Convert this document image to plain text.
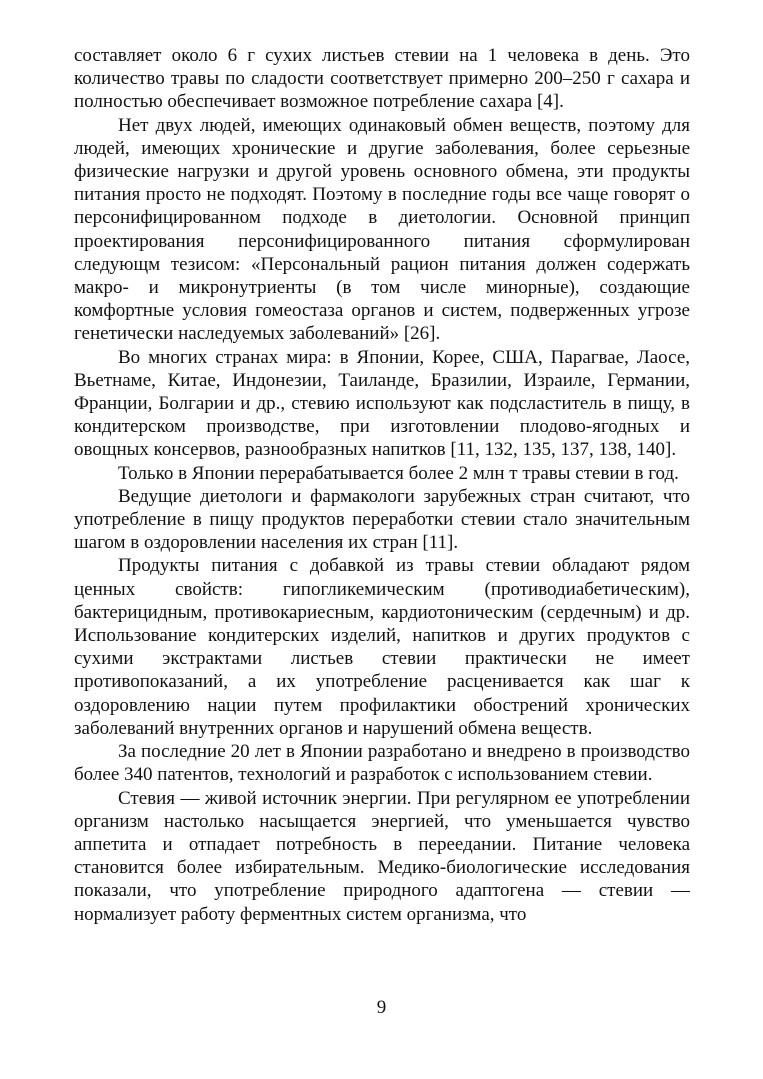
составляет около 6 г сухих листьев стевии на 1 человека в день. Это количество травы по сладости соответствует примерно 200–250 г сахара и полностью обеспечивает возможное потребление сахара [4].

Нет двух людей, имеющих одинаковый обмен веществ, поэтому для людей, имеющих хронические и другие заболевания, более серьезные физические нагрузки и другой уровень основного обмена, эти продукты питания просто не подходят. Поэтому в последние годы все чаще говорят о персонифицированном подходе в диетологии. Основной принцип проектирования персонифицированного питания сформулирован следующм тезисом: «Персональный рацион питания должен содержать макро- и микронутриенты (в том числе минорные), создающие комфортные условия гомеостаза органов и систем, подверженных угрозе генетически наследуемых заболеваний» [26].

Во многих странах мира: в Японии, Корее, США, Парагвае, Лаосе, Вьетнаме, Китае, Индонезии, Таиланде, Бразилии, Израиле, Германии, Франции, Болгарии и др., стевию используют как подсластитель в пищу, в кондитерском производстве, при изготовлении плодово-ягодных и овощных консервов, разнообразных напитков [11, 132, 135, 137, 138, 140].

Только в Японии перерабатывается более 2 млн т травы стевии в год.

Ведущие диетологи и фармакологи зарубежных стран считают, что употребление в пищу продуктов переработки стевии стало значительным шагом в оздоровлении населения их стран [11].

Продукты питания с добавкой из травы стевии обладают рядом ценных свойств: гипогликемическим (противодиабетическим), бактерицидным, противокариесным, кардиотоническим (сердечным) и др. Использование кондитерских изделий, напитков и других продуктов с сухими экстрактами листьев стевии практически не имеет противопоказаний, а их употребление расценивается как шаг к оздоровлению нации путем профилактики обострений хронических заболеваний внутренних органов и нарушений обмена веществ.

За последние 20 лет в Японии разработано и внедрено в производство более 340 патентов, технологий и разработок с использованием стевии.

Стевия — живой источник энергии. При регулярном ее употреблении организм настолько насыщается энергией, что уменьшается чувство аппетита и отпадает потребность в переедании. Питание человека становится более избирательным. Медико-биологические исследования показали, что употребление природного адаптогена — стевии — нормализует работу ферментных систем организма, что

9
